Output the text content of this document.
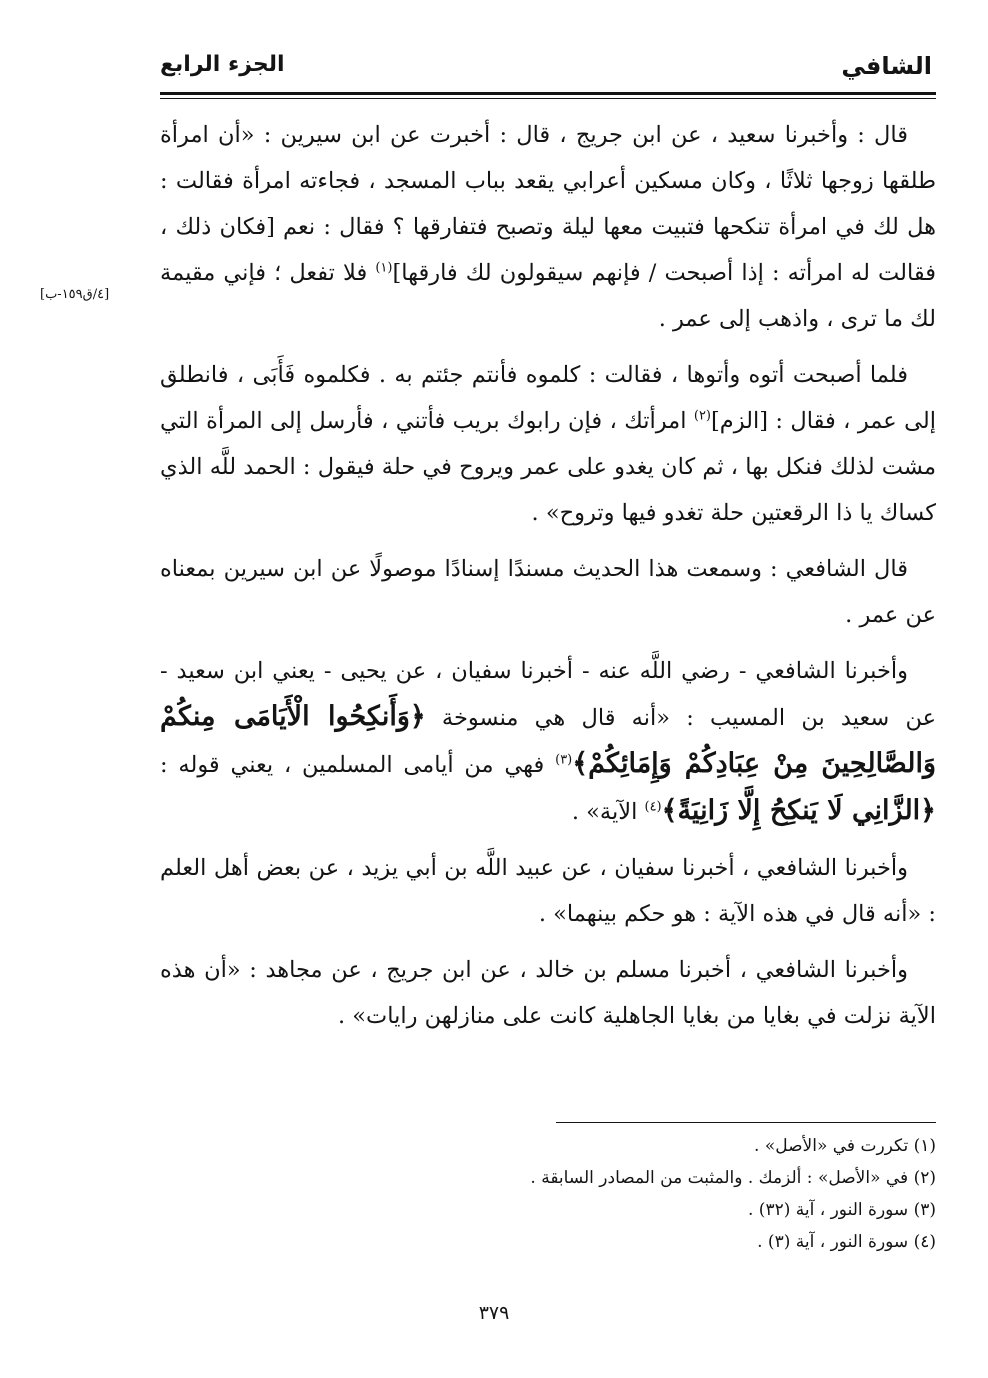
الشافي
الجزء الرابع
[٤/ق١٥٩-ب]

قال : وأخبرنا سعيد ، عن ابن جريج ، قال : أخبرت عن ابن سيرين : «أن امرأة طلقها زوجها ثلاثًا ، وكان مسكين أعرابي يقعد بباب المسجد ، فجاءته امرأة فقالت : هل لك في امرأة تنكحها فتبيت معها ليلة وتصبح فتفارقها ؟ فقال : نعم [فكان ذلك ، فقالت له امرأته : إذا أصبحت / فإنهم سيقولون لك فارقها]$^{(١)}$ فلا تفعل ؛ فإني مقيمة لك ما ترى ، واذهب إلى عمر .

فلما أصبحت أتوه وأتوها ، فقالت : كلموه فأنتم جئتم به . فكلموه فَأَبَى ، فانطلق إلى عمر ، فقال : [الزم]$^{(٢)}$ امرأتك ، فإن رابوك بريب فأتني ، فأرسل إلى المرأة التي مشت لذلك فنكل بها ، ثم كان يغدو على عمر ويروح في حلة فيقول : الحمد للَّه الذي كساك يا ذا الرقعتين حلة تغدو فيها وتروح» .

قال الشافعي : وسمعت هذا الحديث مسندًا إسنادًا موصولًا عن ابن سيرين بمعناه عن عمر .

وأخبرنا الشافعي - رضي اللَّه عنه - أخبرنا سفيان ، عن يحيى - يعني ابن سعيد - عن سعيد بن المسيب : «أنه قال هي منسوخة ﴿وَأَنكِحُوا الْأَيَامَى مِنكُمْ وَالصَّالِحِينَ مِنْ عِبَادِكُمْ وَإِمَائِكُمْ﴾$^{(٣)}$ فهي من أيامى المسلمين ، يعني قوله : ﴿الزَّانِي لَا يَنكِحُ إِلَّا زَانِيَةً﴾$^{(٤)}$ الآية» .

وأخبرنا الشافعي ، أخبرنا سفيان ، عن عبيد اللَّه بن أبي يزيد ، عن بعض أهل العلم : «أنه قال في هذه الآية : هو حكم بينهما» .

وأخبرنا الشافعي ، أخبرنا مسلم بن خالد ، عن ابن جريج ، عن مجاهد : «أن هذه الآية نزلت في بغايا من بغايا الجاهلية كانت على منازلهن رايات» .

(١) تكررت في «الأصل» .
(٢) في «الأصل» : ألزمك . والمثبت من المصادر السابقة .
(٣) سورة النور ، آية (٣٢) .
(٤) سورة النور ، آية (٣) .
٣٧٩
